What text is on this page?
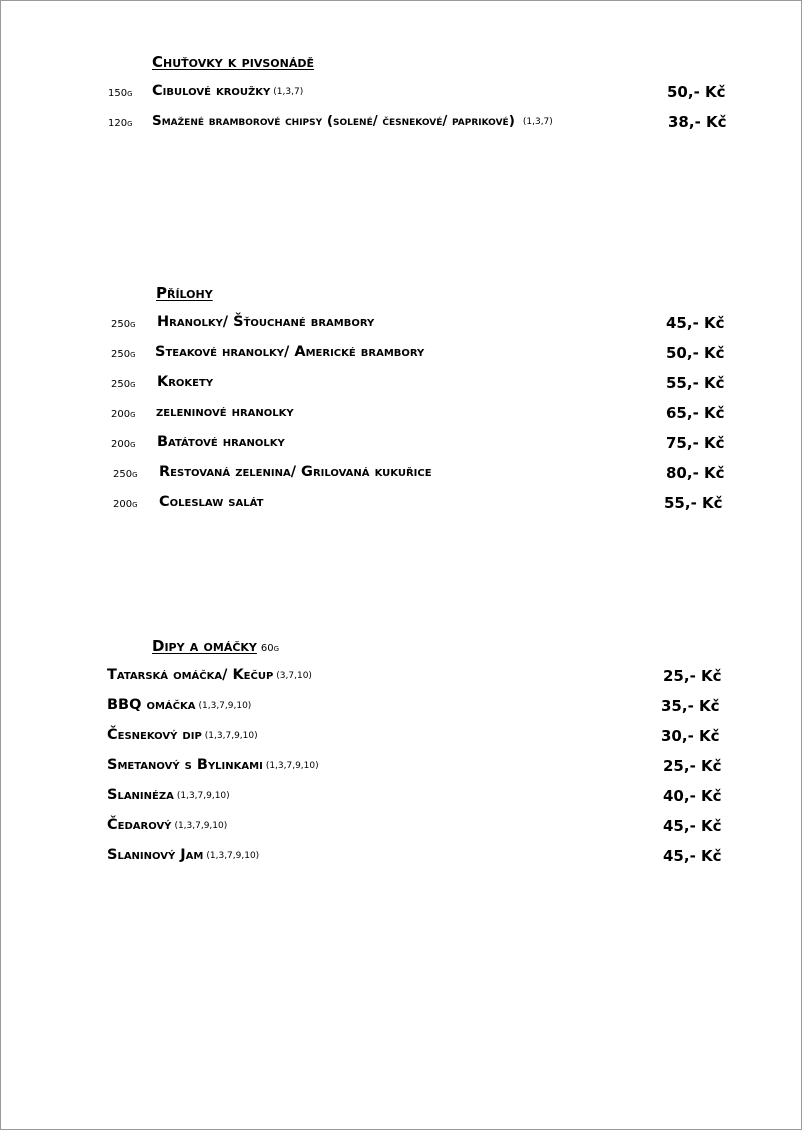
Chuťovky k pivsonádě
150g Cibulové kroužky (1,3,7)	50,- Kč
120g Smažené bramborové chipsy (solené/ česnekové/ paprikové) (1,3,7)	38,- Kč
Přílohy
250g Hranolky/ Šťouchané brambory	45,- Kč
250g Steakové hranolky/ Americké brambory	50,- Kč
250g Krokety	55,- Kč
200g zeleninové hranolky	65,- Kč
200g Batátové hranolky	75,- Kč
250g Restovaná zelenina/ Grilovaná kukuřice	80,- Kč
200g Coleslaw salát	55,- Kč
Dipy a omáčky 60g
Tatarská omáčka/ Kečup (3,7,10)	25,- Kč
BBQ omáčka (1,3,7,9,10)	35,- Kč
Česnekový dip (1,3,7,9,10)	30,- Kč
Smetanový s Bylinkami (1,3,7,9,10)	25,- Kč
Slaninéza (1,3,7,9,10)	40,- Kč
Čedarový (1,3,7,9,10)	45,- Kč
Slaninový Jam (1,3,7,9,10)	45,- Kč
